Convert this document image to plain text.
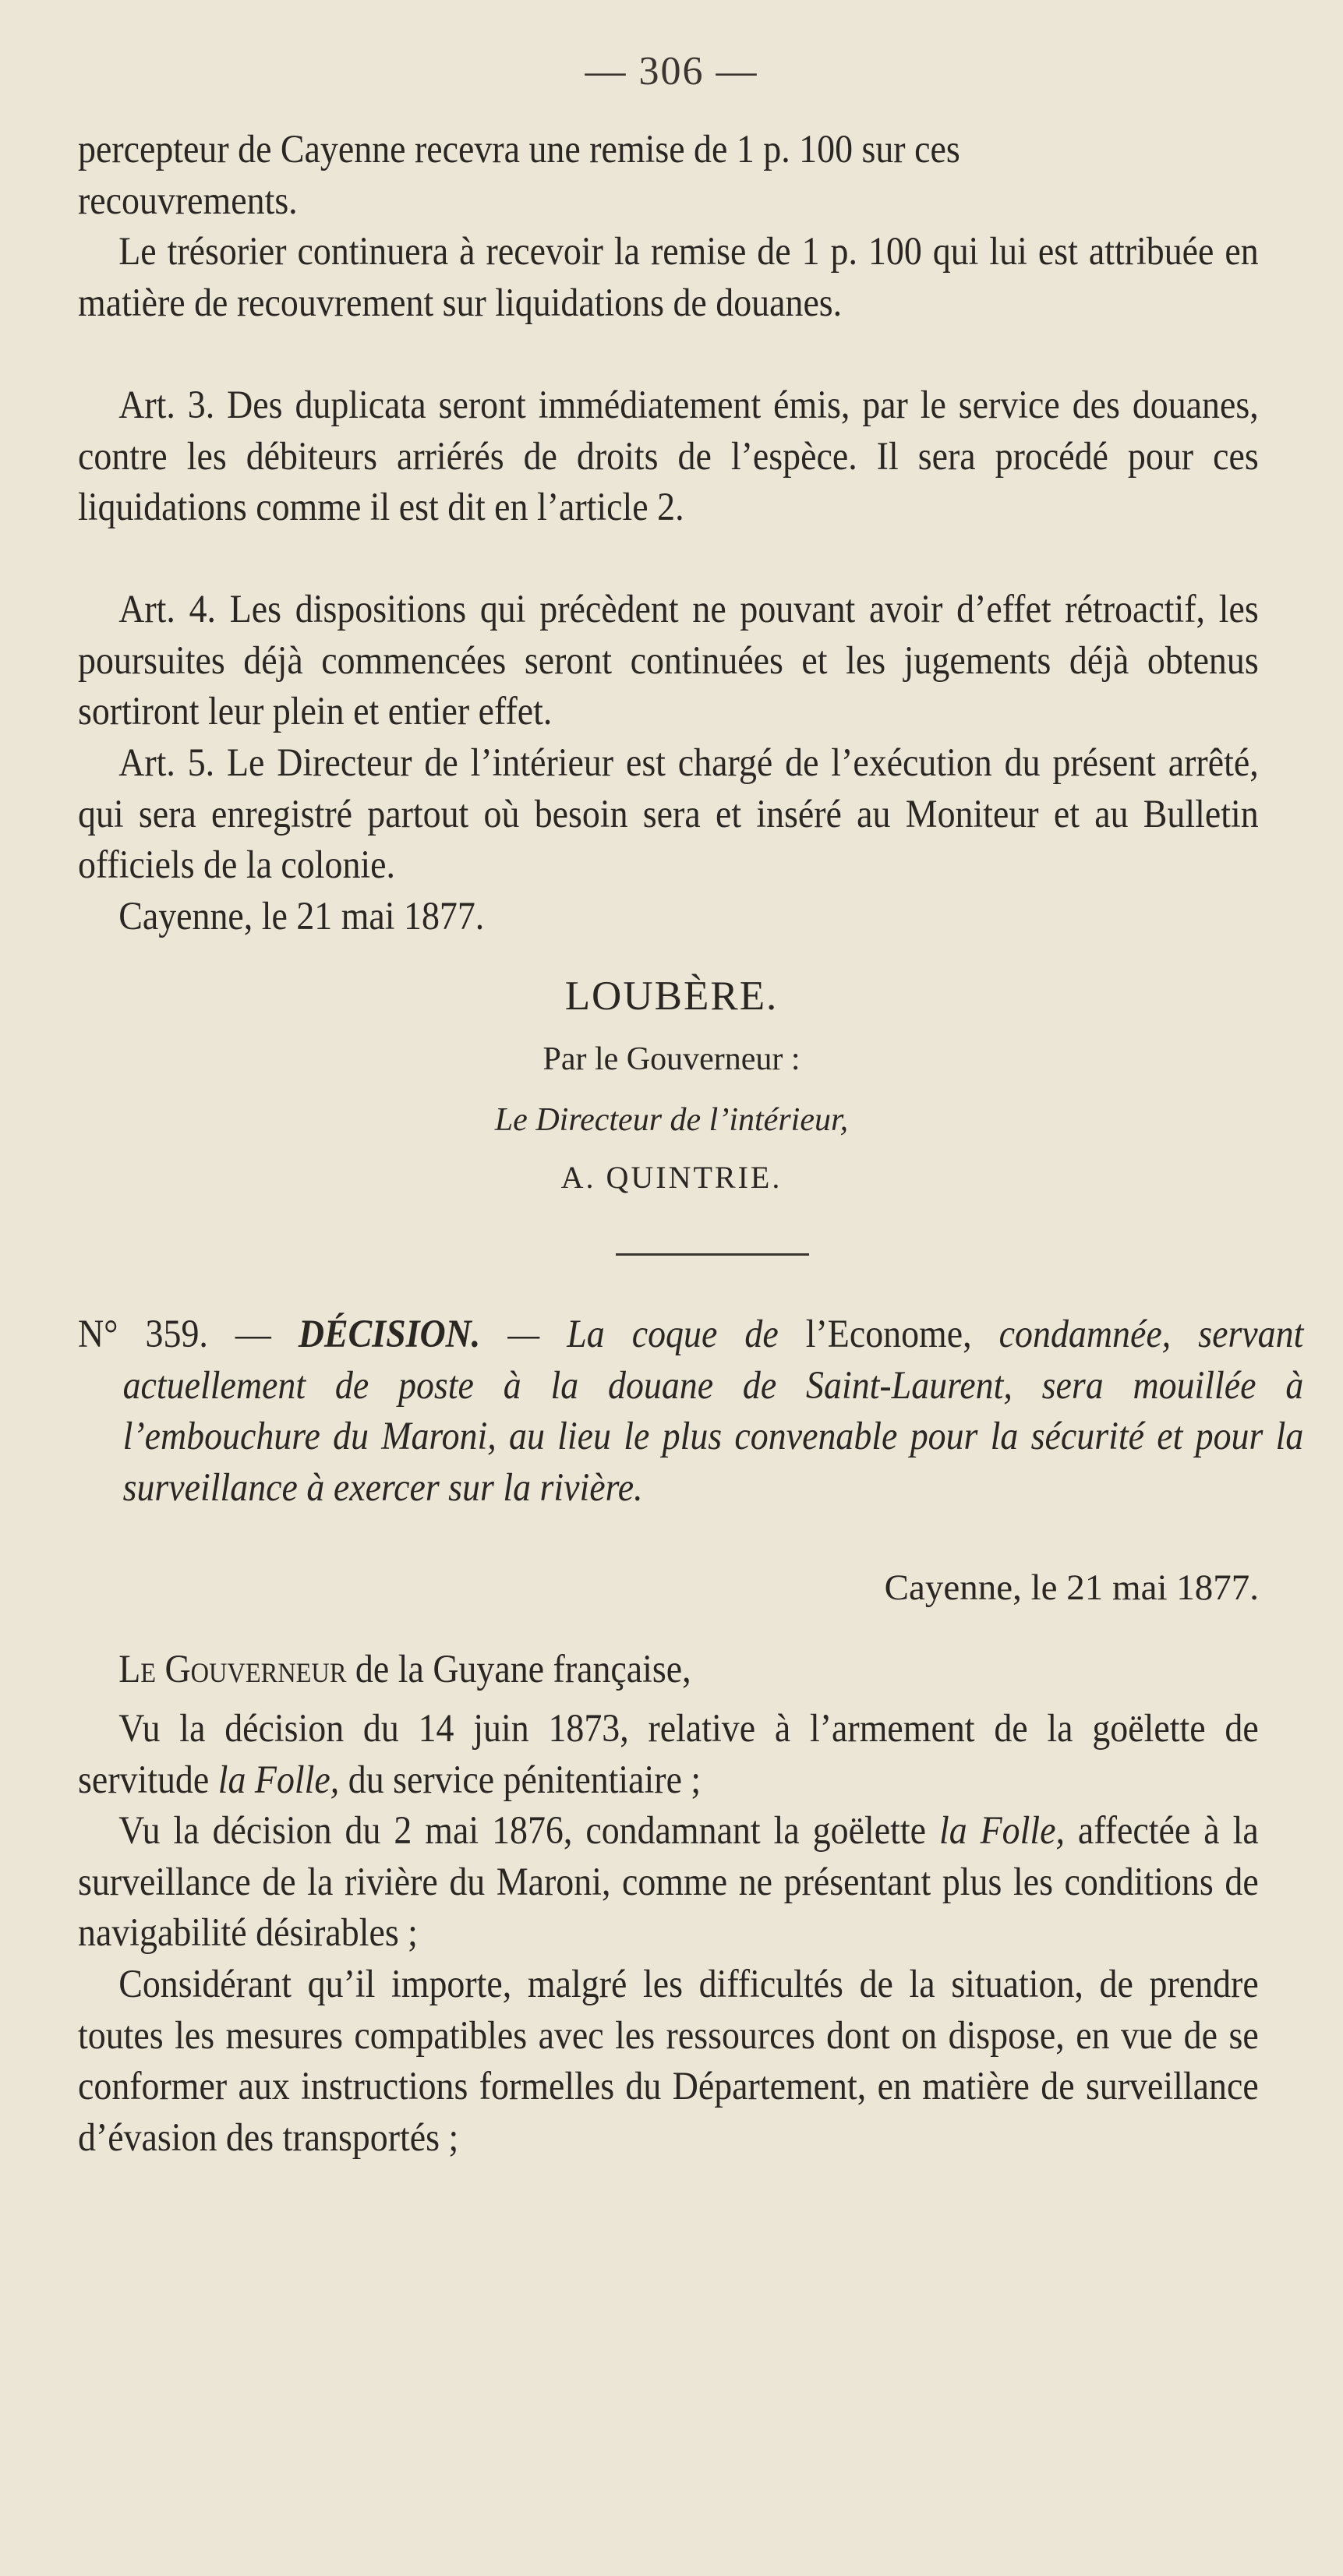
— 306 —

percepteur de Cayenne recevra une remise de 1 p. 100 sur ces

recouvrements.

Le trésorier continuera à recevoir la remise de 1 p. 100 qui lui est attribuée en matière de recouvrement sur liquidations de douanes.

Art. 3. Des duplicata seront immédiatement émis, par le service des douanes, contre les débiteurs arriérés de droits de l’espèce. Il sera procédé pour ces liquidations comme il est dit en l’article 2.

Art. 4. Les dispositions qui précèdent ne pouvant avoir d’effet rétroactif, les poursuites déjà commencées seront continuées et les jugements déjà obtenus sortiront leur plein et entier effet.

Art. 5. Le Directeur de l’intérieur est chargé de l’exécution du présent arrêté, qui sera enregistré partout où besoin sera et inséré au Moniteur et au Bulletin officiels de la colonie.

Cayenne, le 21 mai 1877.

LOUBÈRE.
Par le Gouverneur :
Le Directeur de l’intérieur,
A. QUINTRIE.

N° 359. — DÉCISION. — La coque de l’Econome, condamnée, servant actuellement de poste à la douane de Saint-Laurent, sera mouillée à l’embouchure du Maroni, au lieu le plus convenable pour la sécurité et pour la surveillance à exercer sur la rivière.

Cayenne, le 21 mai 1877.

Le Gouverneur de la Guyane française,

Vu la décision du 14 juin 1873, relative à l’armement de la goëlette de servitude la Folle, du service pénitentiaire ;

Vu la décision du 2 mai 1876, condamnant la goëlette la Folle, affectée à la surveillance de la rivière du Maroni, comme ne présentant plus les conditions de navigabilité désirables ;

Considérant qu’il importe, malgré les difficultés de la situation, de prendre toutes les mesures compatibles avec les ressources dont on dispose, en vue de se conformer aux instructions formelles du Département, en matière de surveillance d’évasion des transportés ;
